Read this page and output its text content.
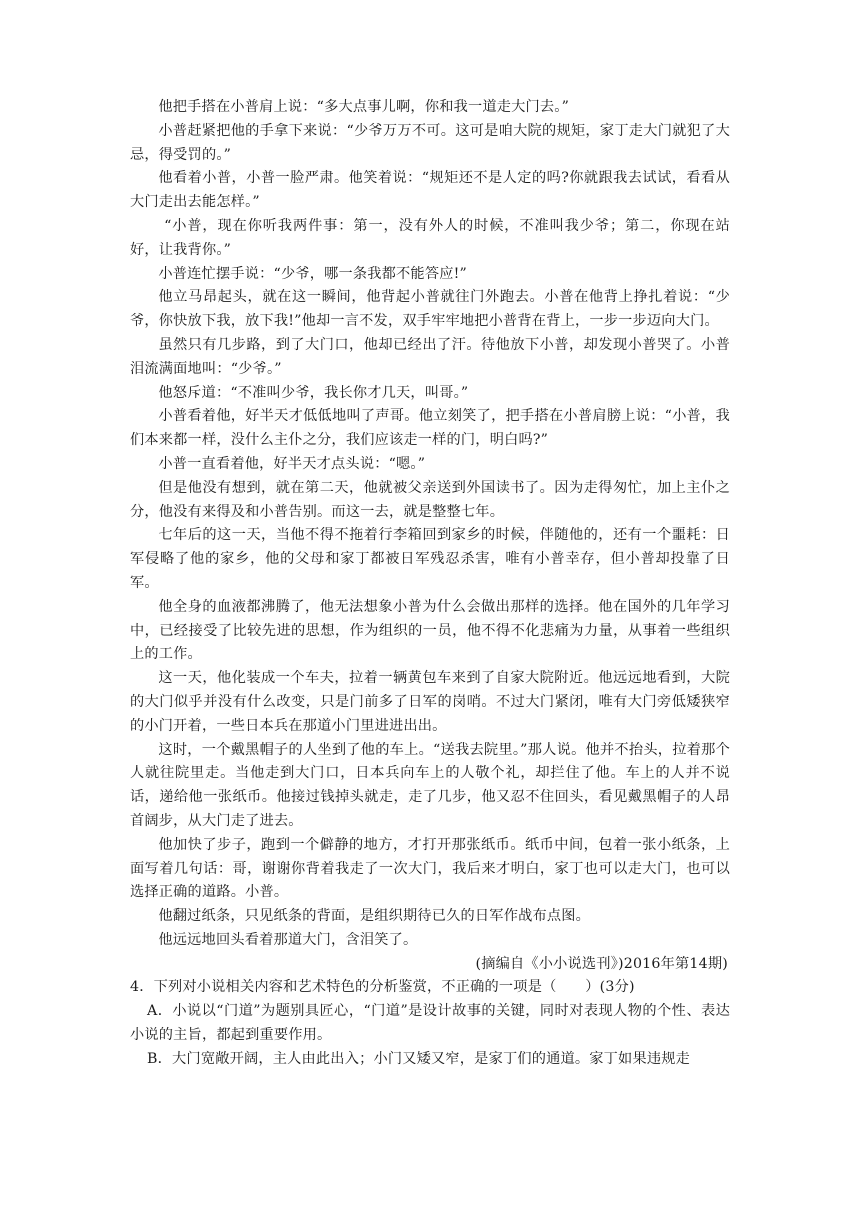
他把手搭在小普肩上说：“多大点事儿啊，你和我一道走大门去。”

小普赶紧把他的手拿下来说：“少爷万万不可。这可是咱大院的规矩，家丁走大门就犯了大忌，得受罚的。”

他看着小普，小普一脸严肃。他笑着说：“规矩还不是人定的吗?你就跟我去试试，看看从大门走出去能怎样。”

“小普，现在你听我两件事：第一，没有外人的时候，不准叫我少爷；第二，你现在站好，让我背你。”

小普连忙摆手说：“少爷，哪一条我都不能答应!”

他立马昂起头，就在这一瞬间，他背起小普就往门外跑去。小普在他背上挣扎着说：“少爷，你快放下我，放下我!”他却一言不发，双手牢牢地把小普背在背上，一步一步迈向大门。

虽然只有几步路，到了大门口，他却已经出了汗。待他放下小普，却发现小普哭了。小普泪流满面地叫：“少爷。”

他怒斥道：“不准叫少爷，我长你才几天，叫哥。”

小普看着他，好半天才低低地叫了声哥。他立刻笑了，把手搭在小普肩膀上说：“小普，我们本来都一样，没什么主仆之分，我们应该走一样的门，明白吗?”

小普一直看着他，好半天才点头说：“嗯。”

但是他没有想到，就在第二天，他就被父亲送到外国读书了。因为走得匆忙，加上主仆之分，他没有来得及和小普告别。而这一去，就是整整七年。

七年后的这一天，当他不得不拖着行李箱回到家乡的时候，伴随他的，还有一个噩耗：日军侵略了他的家乡，他的父母和家丁都被日军残忍杀害，唯有小普幸存，但小普却投靠了日军。

他全身的血液都沸腾了，他无法想象小普为什么会做出那样的选择。他在国外的几年学习中，已经接受了比较先进的思想，作为组织的一员，他不得不化悲痛为力量，从事着一些组织上的工作。

这一天，他化装成一个车夫，拉着一辆黄包车来到了自家大院附近。他远远地看到，大院的大门似乎并没有什么改变，只是门前多了日军的岗哨。不过大门紧闭，唯有大门旁低矮狭窄的小门开着，一些日本兵在那道小门里进进出出。

这时，一个戴黑帽子的人坐到了他的车上。“送我去院里。”那人说。他并不抬头，拉着那个人就往院里走。当他走到大门口，日本兵向车上的人敬个礼，却拦住了他。车上的人并不说话，递给他一张纸币。他接过钱掉头就走，走了几步，他又忍不住回头，看见戴黑帽子的人昂首阔步，从大门走了进去。

他加快了步子，跑到一个僻静的地方，才打开那张纸币。纸币中间，包着一张小纸条，上面写着几句话：哥，谢谢你背着我走了一次大门，我后来才明白，家丁也可以走大门，也可以选择正确的道路。小普。

他翻过纸条，只见纸条的背面，是组织期待已久的日军作战布点图。

他远远地回头看着那道大门，含泪笑了。

(摘编自《小小说选刊》)2016年第14期)

4．下列对小说相关内容和艺术特色的分析鉴赏，不正确的一项是（　　）(3分)

A．小说以“门道”为题别具匠心，“门道”是设计故事的关键，同时对表现人物的个性、表达小说的主旨，都起到重要作用。

B．大门宽敞开阔，主人由此出入；小门又矮又窄，是家丁们的通道。家丁如果违规走
